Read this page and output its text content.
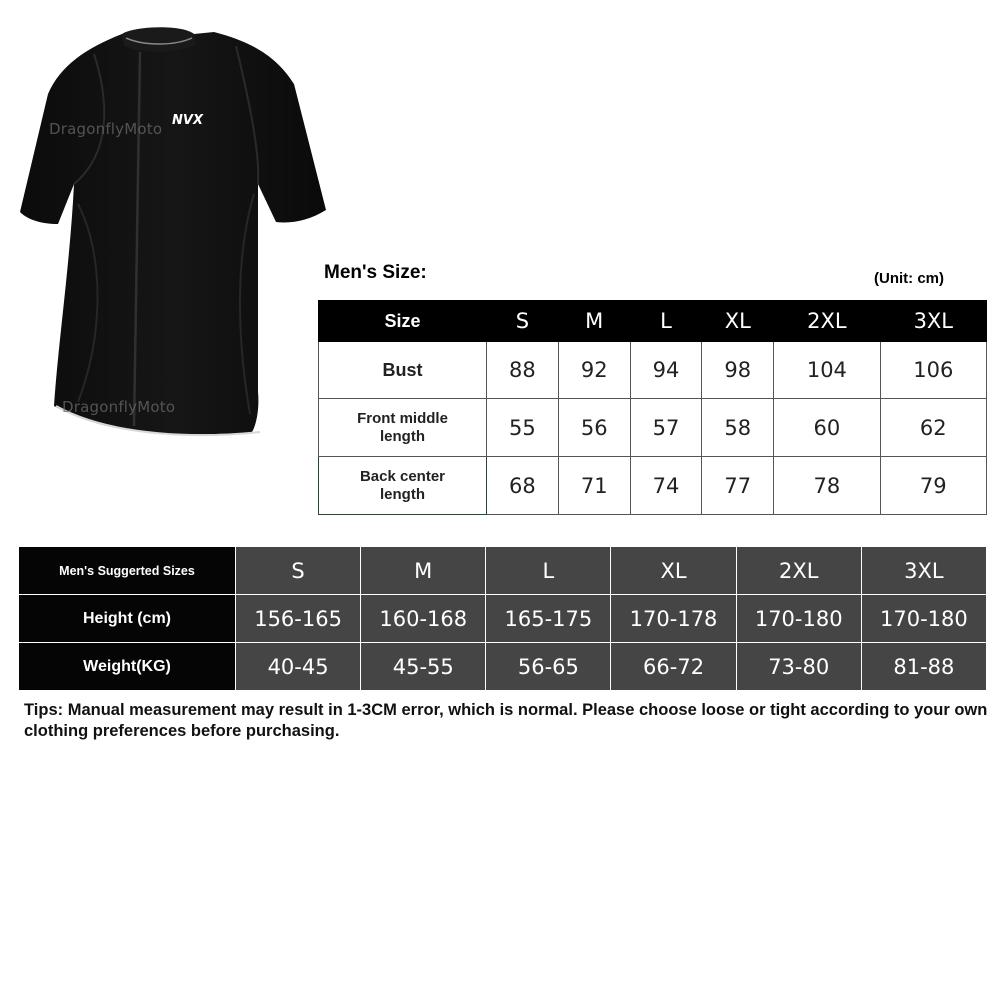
NVX
DragonflyMoto
DragonflyMoto
Men's Size:	(Unit: cm)
Size	S	M	L	XL	2XL	3XL
Bust	88	92	94	98	104	106

Front middle
length	55	56	57	58	60	62

Back center
length	68	71	74	77	78	79
Men's Suggerted Sizes	S	M	L	XL	2XL	3XL
Height (cm)	156-165	160-168	165-175	170-178	170-180	170-180
Weight(KG)	40-45	45-55	56-65	66-72	73-80	81-88
Tips: Manual measurement may result in 1-3CM error, which is normal. Please choose loose or tight according to your own clothing preferences before purchasing.
